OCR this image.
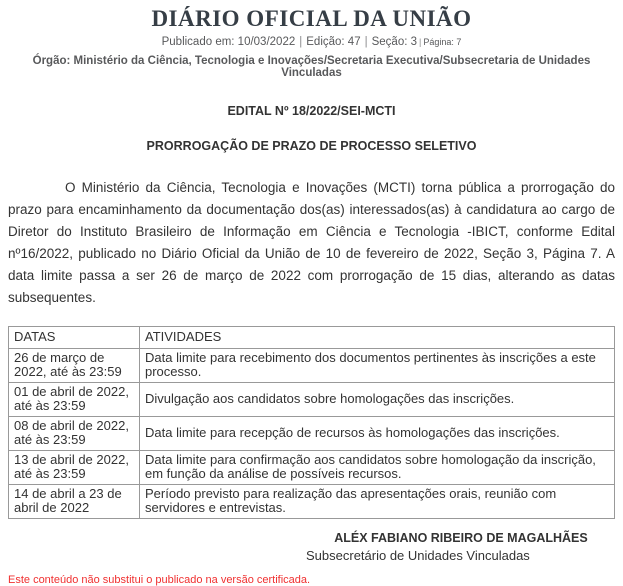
DIÁRIO OFICIAL DA UNIÃO
Publicado em: 10/03/2022 | Edição: 47 | Seção: 3 | Página: 7
Órgão: Ministério da Ciência, Tecnologia e Inovações/Secretaria Executiva/Subsecretaria de Unidades Vinculadas
EDITAL Nº 18/2022/SEI-MCTI
PRORROGAÇÃO DE PRAZO DE PROCESSO SELETIVO

O Ministério da Ciência, Tecnologia e Inovações (MCTI) torna pública a prorrogação do prazo para encaminhamento da documentação dos(as) interessados(as) à candidatura ao cargo de Diretor do Instituto Brasileiro de Informação em Ciência e Tecnologia -IBICT, conforme Edital nº16/2022, publicado no Diário Oficial da União de 10 de fevereiro de 2022, Seção 3, Página 7. A data limite passa a ser 26 de março de 2022 com prorrogação de 15 dias, alterando as datas subsequentes.

DATAS	ATIVIDADES
26 de março de 2022, até às 23:59	Data limite para recebimento dos documentos pertinentes às inscrições a este processo.
01 de abril de 2022, até às 23:59	Divulgação aos candidatos sobre homologações das inscrições.
08 de abril de 2022, até às 23:59	Data limite para recepção de recursos às homologações das inscrições.
13 de abril de 2022, até às 23:59	Data limite para confirmação aos candidatos sobre homologação da inscrição, em função da análise de possíveis recursos.
14 de abril a 23 de abril de 2022	Período previsto para realização das apresentações orais, reunião com servidores e entrevistas.
ALÉX FABIANO RIBEIRO DE MAGALHÃES
Subsecretário de Unidades Vinculadas
Este conteúdo não substitui o publicado na versão certificada.
